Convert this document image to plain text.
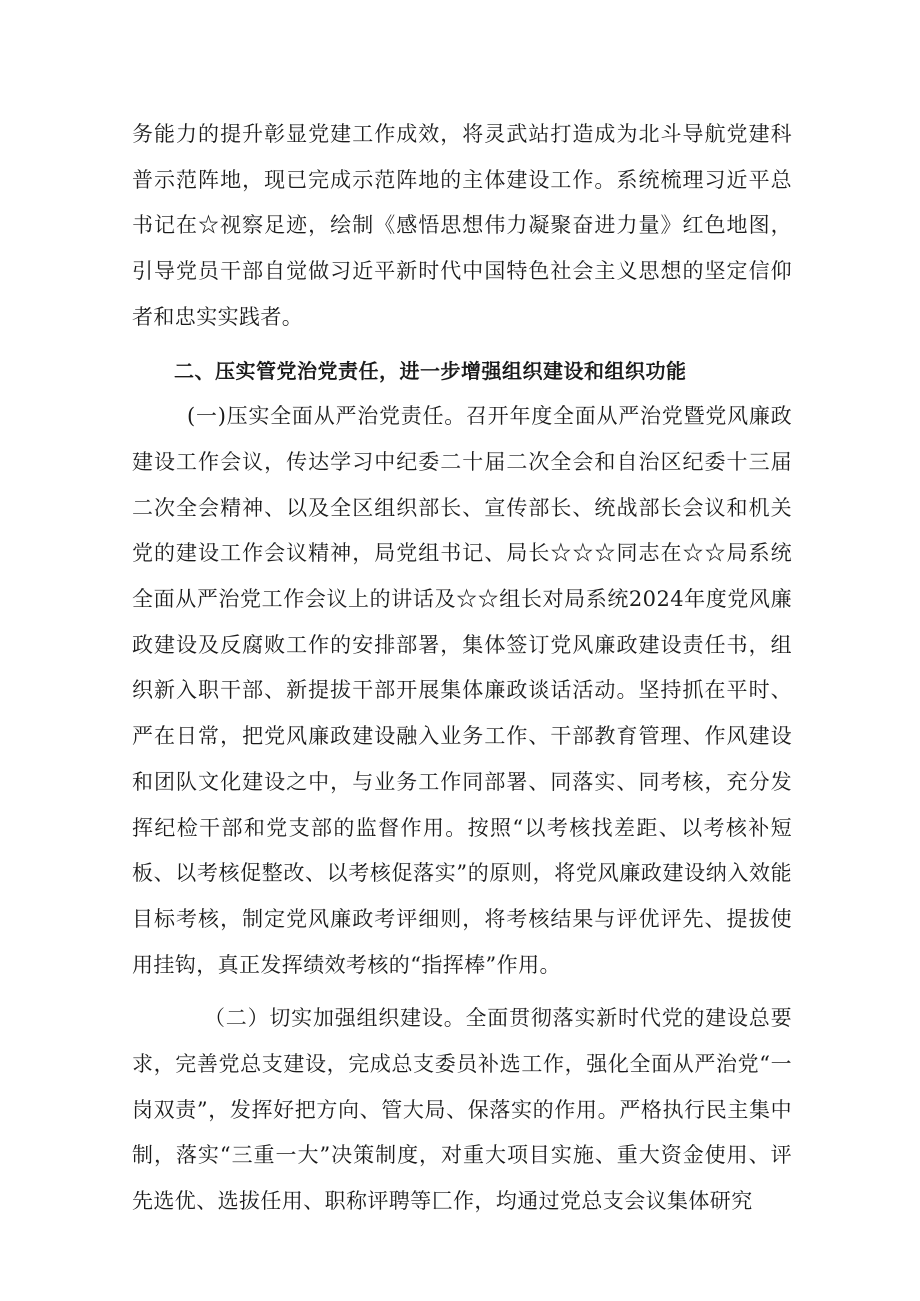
务能力的提升彰显党建工作成效，将灵武站打造成为北斗导航党建科普示范阵地，现已完成示范阵地的主体建设工作。系统梳理习近平总书记在☆视察足迹，绘制《感悟思想伟力凝聚奋进力量》红色地图，引导党员干部自觉做习近平新时代中国特色社会主义思想的坚定信仰者和忠实实践者。

二、压实管党治党责任，进一步增强组织建设和组织功能

(一)压实全面从严治党责任。召开年度全面从严治党暨党风廉政建设工作会议，传达学习中纪委二十届二次全会和自治区纪委十三届二次全会精神、以及全区组织部长、宣传部长、统战部长会议和机关党的建设工作会议精神，局党组书记、局长☆☆☆同志在☆☆局系统全面从严治党工作会议上的讲话及☆☆组长对局系统2024年度党风廉政建设及反腐败工作的安排部署，集体签订党风廉政建设责任书，组织新入职干部、新提拔干部开展集体廉政谈话活动。坚持抓在平时、严在日常，把党风廉政建设融入业务工作、干部教育管理、作风建设和团队文化建设之中，与业务工作同部署、同落实、同考核，充分发挥纪检干部和党支部的监督作用。按照“以考核找差距、以考核补短板、以考核促整改、以考核促落实”的原则，将党风廉政建设纳入效能目标考核，制定党风廉政考评细则，将考核结果与评优评先、提拔使用挂钩，真正发挥绩效考核的“指挥棒”作用。

（二）切实加强组织建设。全面贯彻落实新时代党的建设总要求，完善党总支建设，完成总支委员补选工作，强化全面从严治党“一岗双责”，发挥好把方向、管大局、保落实的作用。严格执行民主集中制，落实“三重一大”决策制度，对重大项目实施、重大资金使用、评先选优、选拔任用、职称评聘等匚作，均通过党总支会议集体研究
